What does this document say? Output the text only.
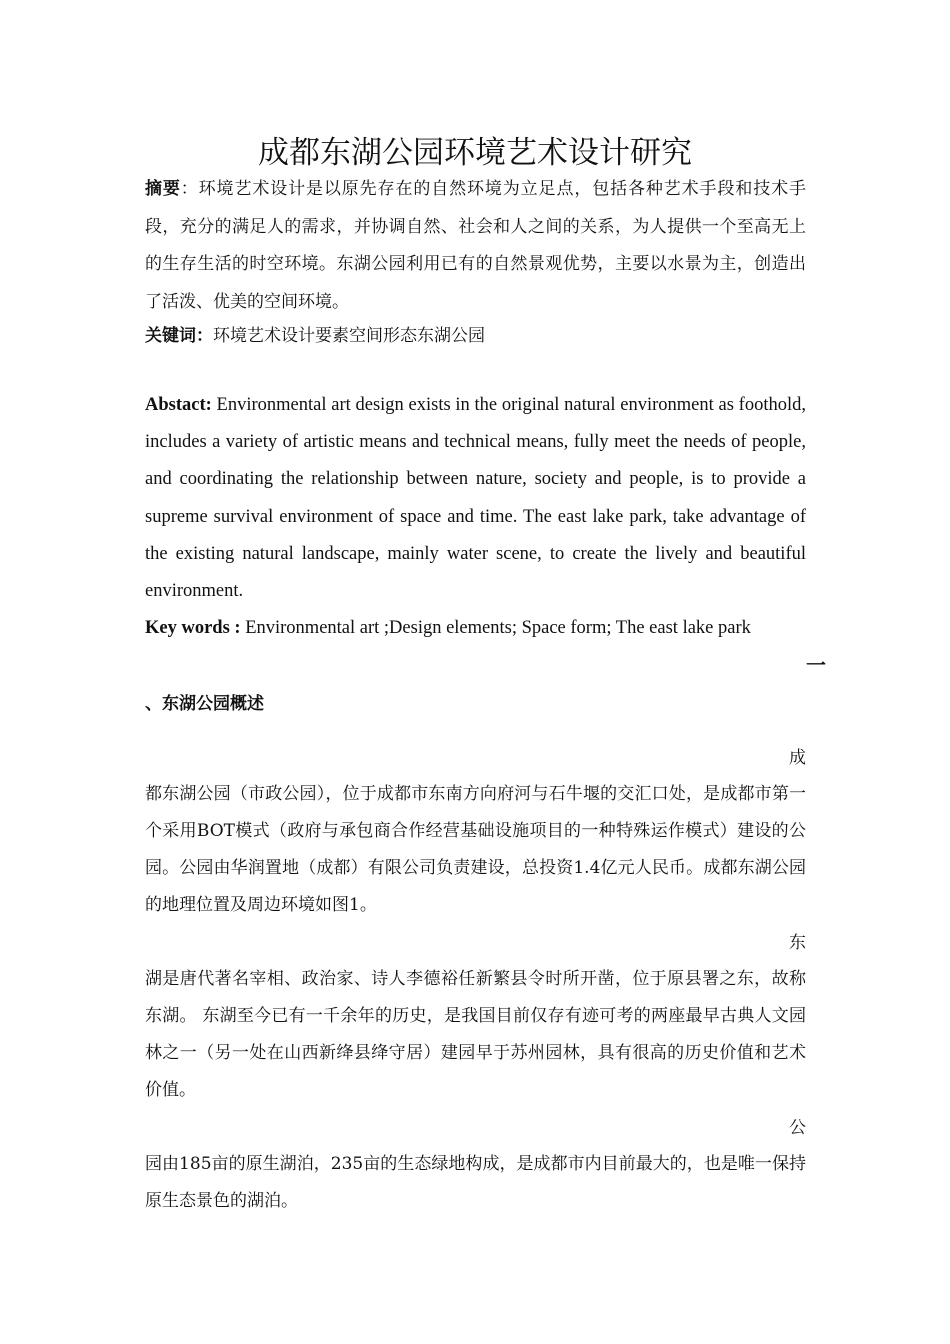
成都东湖公园环境艺术设计研究

摘要：环境艺术设计是以原先存在的自然环境为立足点，包括各种艺术手段和技术手段，充分的满足人的需求，并协调自然、社会和人之间的关系，为人提供一个至高无上的生存生活的时空环境。东湖公园利用已有的自然景观优势，主要以水景为主，创造出了活泼、优美的空间环境。

关键词：环境艺术设计要素空间形态东湖公园

Abstact: Environmental art design exists in the original natural environment as foothold, includes a variety of artistic means and technical means, fully meet the needs of people, and coordinating the relationship between nature, society and people, is to provide a supreme survival environment of space and time. The east lake park, take advantage of the existing natural landscape, mainly water scene, to create the lively and beautiful environment.

Key words : Environmental art ;Design elements; Space form; The east lake park

一
、东湖公园概述
成

都东湖公园（市政公园），位于成都市东南方向府河与石牛堰的交汇口处，是成都市第一个采用BOT模式（政府与承包商合作经营基础设施项目的一种特殊运作模式）建设的公园。公园由华润置地（成都）有限公司负责建设，总投资1.4亿元人民币。成都东湖公园的地理位置及周边环境如图1。

东

湖是唐代著名宰相、政治家、诗人李德裕任新繁县令时所开凿，位于原县署之东，故称东湖。 东湖至今已有一千余年的历史，是我国目前仅存有迹可考的两座最早古典人文园林之一（另一处在山西新绛县绛守居）建园早于苏州园林，具有很高的历史价值和艺术价值。

公

园由185亩的原生湖泊，235亩的生态绿地构成，是成都市内目前最大的，也是唯一保持原生态景色的湖泊。
